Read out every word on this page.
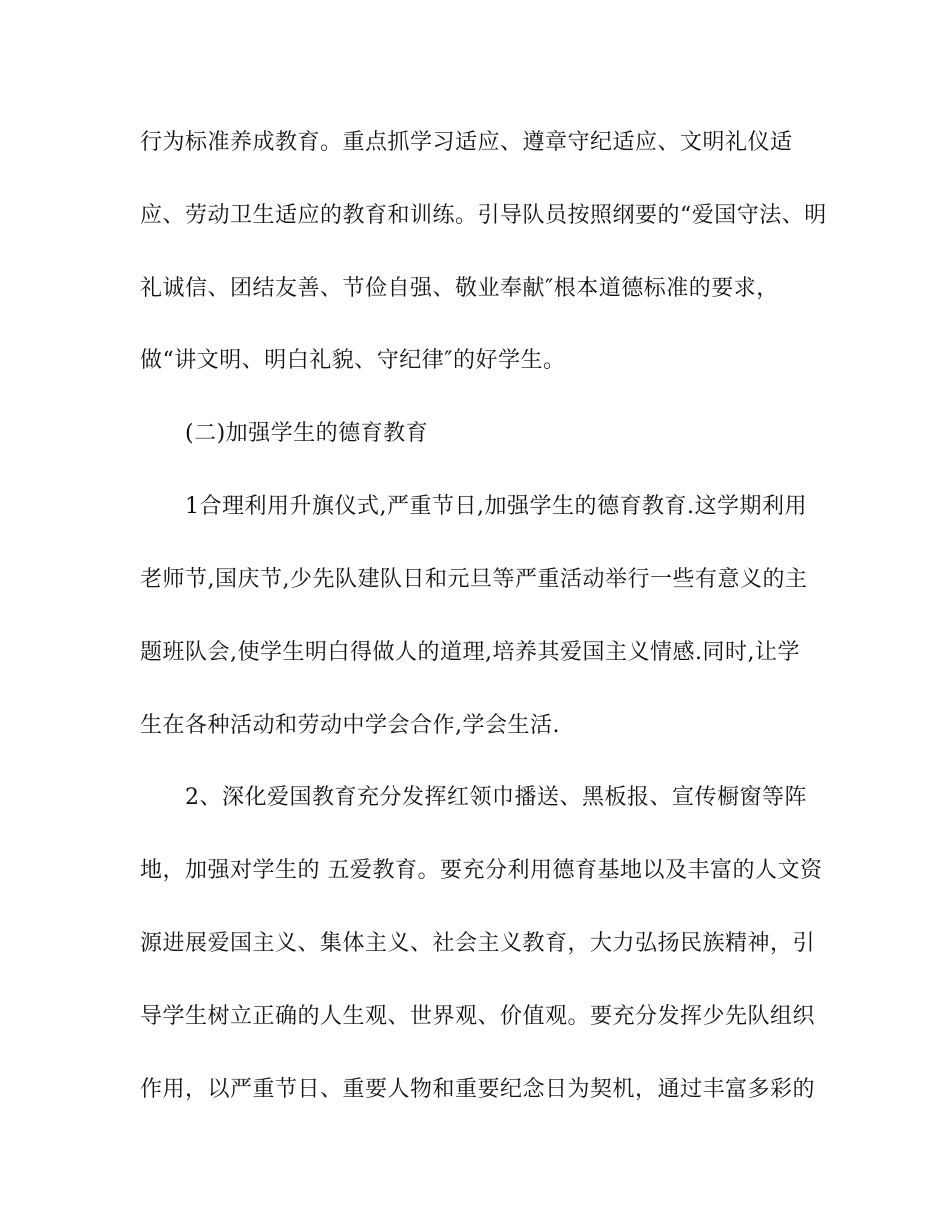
行为标准养成教育。重点抓学习适应、遵章守纪适应、文明礼仪适
应、劳动卫生适应的教育和训练。引导队员按照纲要的“爱国守法、明
礼诚信、团结友善、节俭自强、敬业奉献″根本道德标准的要求，
做“讲文明、明白礼貌、守纪律″的好学生。
(二)加强学生的德育教育
1合理利用升旗仪式,严重节日,加强学生的德育教育.这学期利用
老师节,国庆节,少先队建队日和元旦等严重活动举行一些有意义的主
题班队会,使学生明白得做人的道理,培养其爱国主义情感.同时,让学
生在各种活动和劳动中学会合作,学会生活.
2、深化爱国教育充分发挥红领巾播送、黑板报、宣传橱窗等阵
地，加强对学生的 五爱教育。要充分利用德育基地以及丰富的人文资
源进展爱国主义、集体主义、社会主义教育，大力弘扬民族精神，引
导学生树立正确的人生观、世界观、价值观。要充分发挥少先队组织
作用，以严重节日、重要人物和重要纪念日为契机，通过丰富多彩的
